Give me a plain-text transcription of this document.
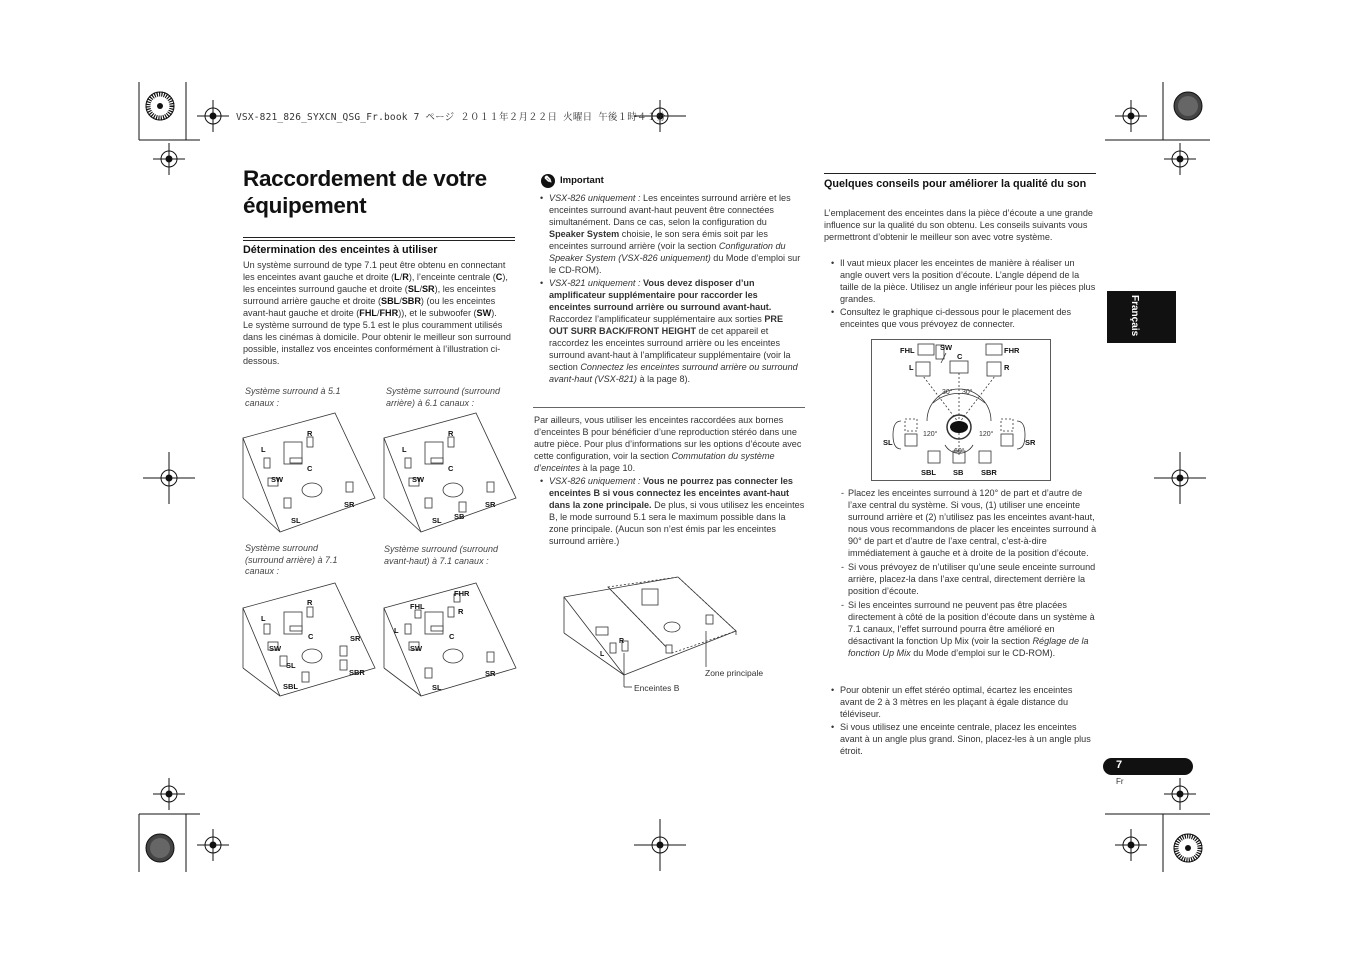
VSX-821_826_SYXCN_QSG_Fr.book 7 ページ ２０１１年２月２２日 火曜日 午後１時４１分
Raccordement de votre équipement
Détermination des enceintes à utiliser
Un système surround de type 7.1 peut être obtenu en connectant les enceintes avant gauche et droite (L/R), l’enceinte centrale (C), les enceintes surround gauche et droite (SL/SR), les enceintes surround arrière gauche et droite (SBL/SBR) (ou les enceintes avant-haut gauche et droite (FHL/FHR)), et le subwoofer (SW).
Le système surround de type 5.1 est le plus couramment utilisés dans les cinémas à domicile. Pour obtenir le meilleur son surround possible, installez vos enceintes conformément à l’illustration ci-dessous.
Système surround à 5.1 canaux :
Système surround (surround arrière) à 6.1 canaux :
Système surround (surround arrière) à 7.1 canaux :
Système surround (surround avant-haut) à 7.1 canaux :
L
R
C
SW
SR
SL
L
R
C
SW
SR
SL SB
L
R
C
SW
SR
SL
SBR
SBL
FHL
FHR
L
R
C
SW
SR
SL
✎ Important
• VSX-826 uniquement : Les enceintes surround arrière et les enceintes surround avant-haut peuvent être connectées simultanément. Dans ce cas, selon la configuration du Speaker System choisie, le son sera émis soit par les enceintes surround arrière (voir la section Configuration du Speaker System (VSX-826 uniquement) du Mode d’emploi sur le CD-ROM).
• VSX-821 uniquement : Vous devez disposer d’un amplificateur supplémentaire pour raccorder les enceintes surround arrière ou surround avant-haut. Raccordez l’amplificateur supplémentaire aux sorties PRE OUT SURR BACK/FRONT HEIGHT de cet appareil et raccordez les enceintes surround arrière ou les enceintes surround avant-haut à l’amplificateur supplémentaire (voir la section Connectez les enceintes surround arrière ou surround avant-haut (VSX-821) à la page 8).
Par ailleurs, vous utiliser les enceintes raccordées aux bornes d’enceintes B pour bénéficier d’une reproduction stéréo dans une autre pièce. Pour plus d’informations sur les options d’écoute avec cette configuration, voir la section Commutation du système d’enceintes à la page 10.
• VSX-826 uniquement : Vous ne pourrez pas connecter les enceintes B si vous connectez les enceintes avant-haut dans la zone principale. De plus, si vous utilisez les enceintes B, le mode surround 5.1 sera le maximum possible dans la zone principale. (Aucun son n’est émis par les enceintes surround arrière.)
L
R
Zone principale
Enceintes B
Quelques conseils pour améliorer la qualité du son
L’emplacement des enceintes dans la pièce d’écoute a une grande influence sur la qualité du son obtenu. Les conseils suivants vous permettront d’obtenir le meilleur son avec votre système.
• Il vaut mieux placer les enceintes de manière à réaliser un angle ouvert vers la position d’écoute. L’angle dépend de la taille de la pièce. Utilisez un angle inférieur pour les pièces plus grandes.
• Consultez le graphique ci-dessous pour le placement des enceintes que vous prévoyez de connecter.
FHL	FHR
SW
C
L	R
SL	SR
SBL SB SBR
30° 30°
120°	120°
60°
- Placez les enceintes surround à 120° de part et d’autre de l’axe central du système. Si vous, (1) utiliser une enceinte surround arrière et (2) n’utilisez pas les enceintes avant-haut, nous vous recommandons de placer les enceintes surround à 90° de part et d’autre de l’axe central, c’est-à-dire immédiatement à gauche et à droite de la position d’écoute.
- Si vous prévoyez de n’utiliser qu’une seule enceinte surround arrière, placez-la dans l’axe central, directement derrière la position d’écoute.
- Si les enceintes surround ne peuvent pas être placées directement à côté de la position d’écoute dans un système à 7.1 canaux, l’effet surround pourra être amélioré en désactivant la fonction Up Mix (voir la section Réglage de la fonction Up Mix du Mode d’emploi sur le CD-ROM).
• Pour obtenir un effet stéréo optimal, écartez les enceintes avant de 2 à 3 mètres en les plaçant à égale distance du téléviseur.
• Si vous utilisez une enceinte centrale, placez les enceintes avant à un angle plus grand. Sinon, placez-les à un angle plus étroit.
Français
7
Fr
